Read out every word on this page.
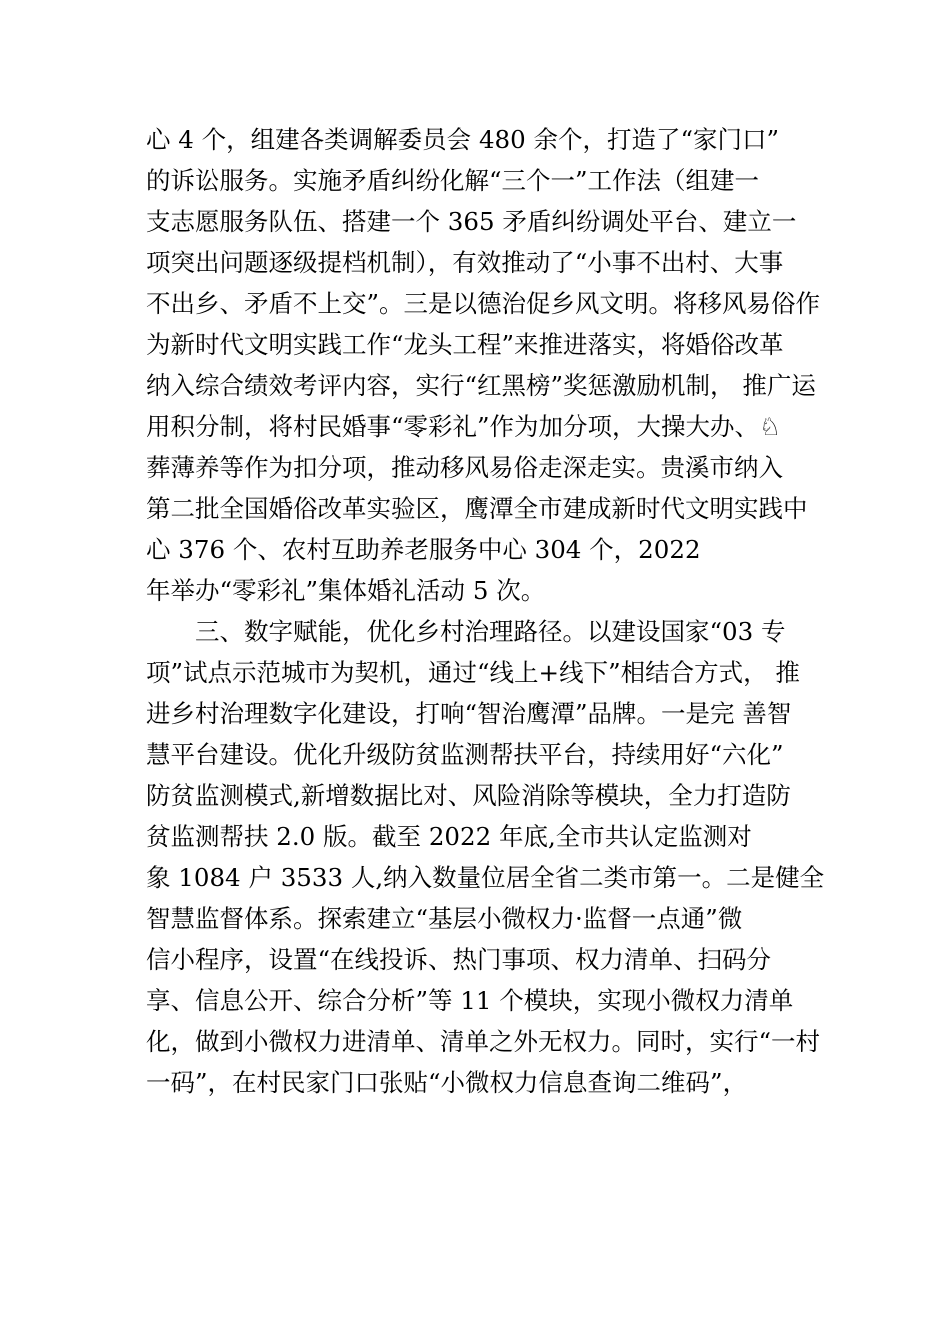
心 4 个，组建各类调解委员会 480 余个，打造了“家门口”
的诉讼服务。实施矛盾纠纷化解“三个一”工作法（组建一
支志愿服务队伍、搭建一个 365 矛盾纠纷调处平台、建立一
项突出问题逐级提档机制），有效推动了“小事不出村、大事
不出乡、矛盾不上交”。三是以德治促乡风文明。将移风易俗作
为新时代文明实践工作“龙头工程”来推进落实，将婚俗改革
纳入综合绩效考评内容，实行“红黑榜”奖惩激励机制， 推广运
用积分制，将村民婚事“零彩礼”作为加分项，大操大办、♘
葬薄养等作为扣分项，推动移风易俗走深走实。贵溪市纳入
第二批全国婚俗改革实验区，鹰潭全市建成新时代文明实践中
心 376 个、农村互助养老服务中心 304 个，2022
年举办“零彩礼”集体婚礼活动 5 次。
　　三、数字赋能，优化乡村治理路径。以建设国家“03 专
项”试点示范城市为契机，通过“线上+线下”相结合方式， 推
进乡村治理数字化建设，打响“智治鹰潭”品牌。一是完 善智
慧平台建设。优化升级防贫监测帮扶平台，持续用好“六化”
防贫监测模式,新增数据比对、风险消除等模块，全力打造防
贫监测帮扶 2.0 版。截至 2022 年底,全市共认定监测对
象 1084 户 3533 人,纳入数量位居全省二类市第一。二是健全
智慧监督体系。探索建立“基层小微权力·监督一点通”微
信小程序，设置“在线投诉、热门事项、权力清单、扫码分
享、信息公开、综合分析”等 11 个模块，实现小微权力清单
化，做到小微权力进清单、清单之外无权力。同时，实行“一村
一码”，在村民家门口张贴“小微权力信息查询二维码”，
